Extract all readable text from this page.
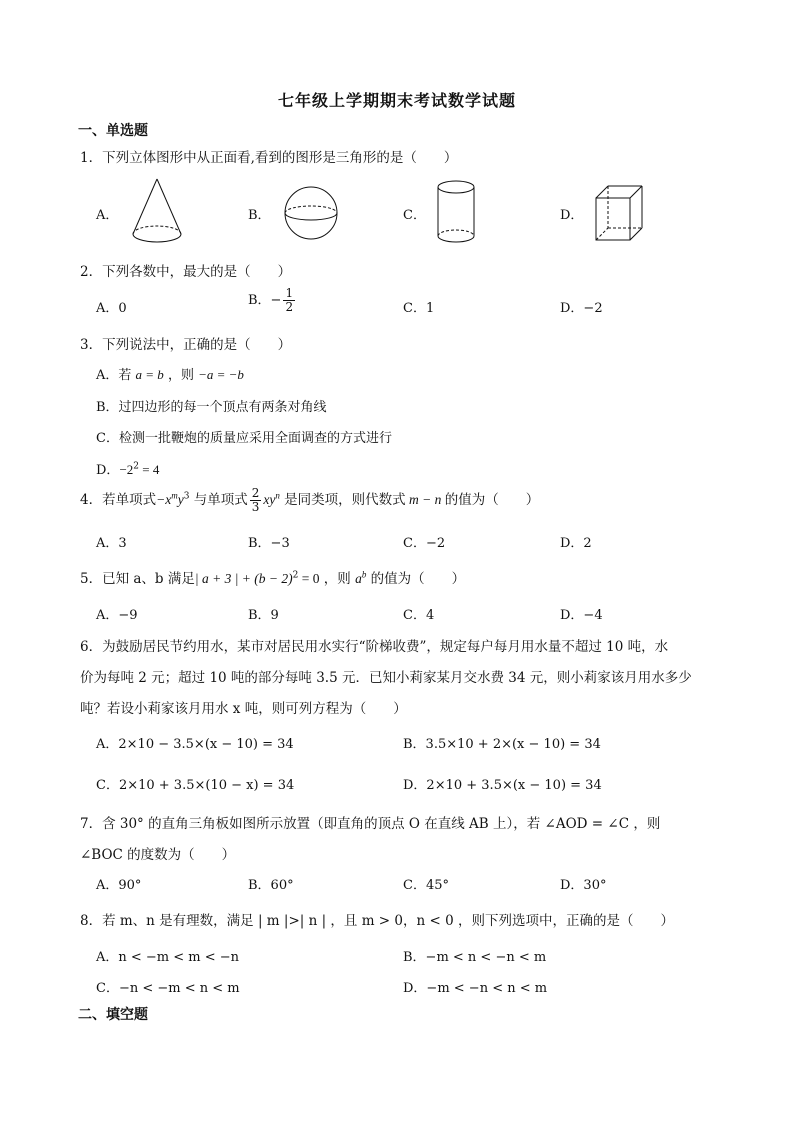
七年级上学期期末考试数学试题
一、单选题
1．下列立体图形中从正面看,看到的图形是三角形的是（　　）
A．	B．	C．	D．
2．下列各数中，最大的是（　　）
A．0
B．− $\frac{1}{2}$	C．1	D．−2
3．下列说法中，正确的是（　　）
A．若 a = b ，则 −a = −b
B．过四边形的每一个顶点有两条对角线
C．检测一批鞭炮的质量应采用全面调查的方式进行
D．$-2^2 = 4$
4．若单项式$-x^my^3$ 与单项式 $\frac{2}{3} xy^n$ 是同类项，则代数式 m − n 的值为（　　）
A．3	B．−3	C．−2	D．2
5．已知 a、b 满足| a + 3 | + $(b - 2)^2 = 0$ ，则 $a^b$ 的值为（　　）
A．−9	B．9	C．4	D．−4
6．为鼓励居民节约用水，某市对居民用水实行“阶梯收费”，规定每户每月用水量不超过 10 吨，水
价为每吨 2 元；超过 10 吨的部分每吨 3.5 元．已知小莉家某月交水费 34 元，则小莉家该月用水多少
吨？若设小莉家该月用水 x 吨，则可列方程为（　　）
A．2×10 − 3.5×(x − 10) = 34	B．3.5×10 + 2×(x − 10) = 34
C．2×10 + 3.5×(10 − x) = 34	D．2×10 + 3.5×(x − 10) = 34
7．含 30° 的直角三角板如图所示放置（即直角的顶点 O 在直线 AB 上），若 ∠AOD = ∠C ，则
∠BOC 的度数为（　　）
A．90°	B．60°	C．45°	D．30°
8．若 m、n 是有理数，满足 | m |>| n | ，且 m > 0，n < 0 ，则下列选项中，正确的是（　　）
A．n < −m < m < −n	B．−m < n < −n < m
C．−n < −m < n < m	D．−m < −n < n < m
二、填空题
